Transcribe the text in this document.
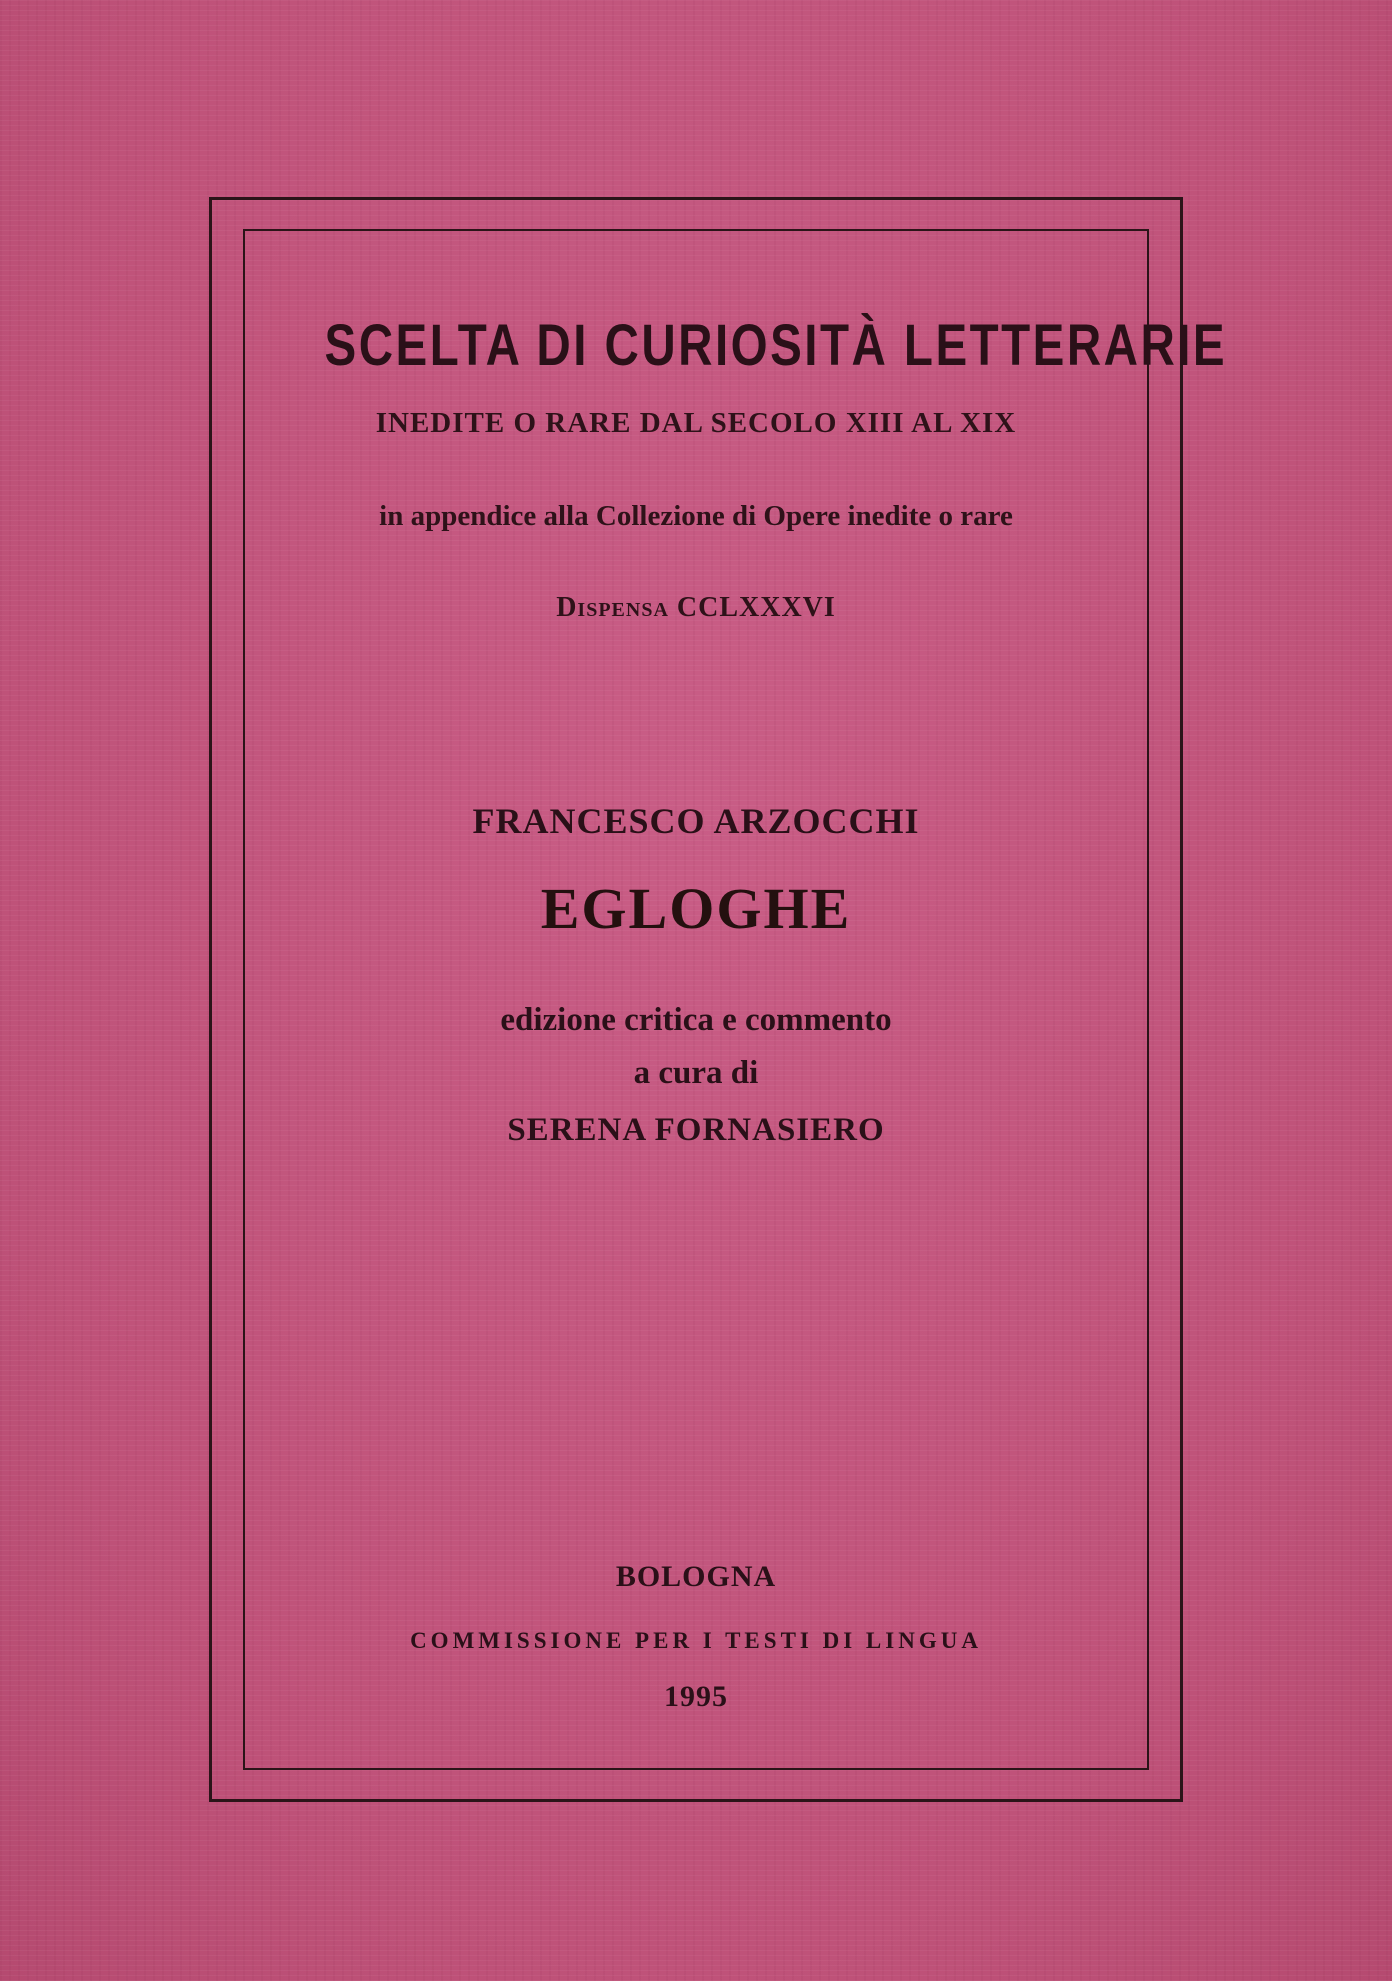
SCELTA DI CURIOSITÀ LETTERARIE
INEDITE O RARE DAL SECOLO XIII AL XIX
in appendice alla Collezione di Opere inedite o rare
Dispensa CCLXXXVI
FRANCESCO ARZOCCHI
EGLOGHE
edizione critica e commento
a cura di
SERENA FORNASIERO
BOLOGNA
COMMISSIONE PER I TESTI DI LINGUA
1995
